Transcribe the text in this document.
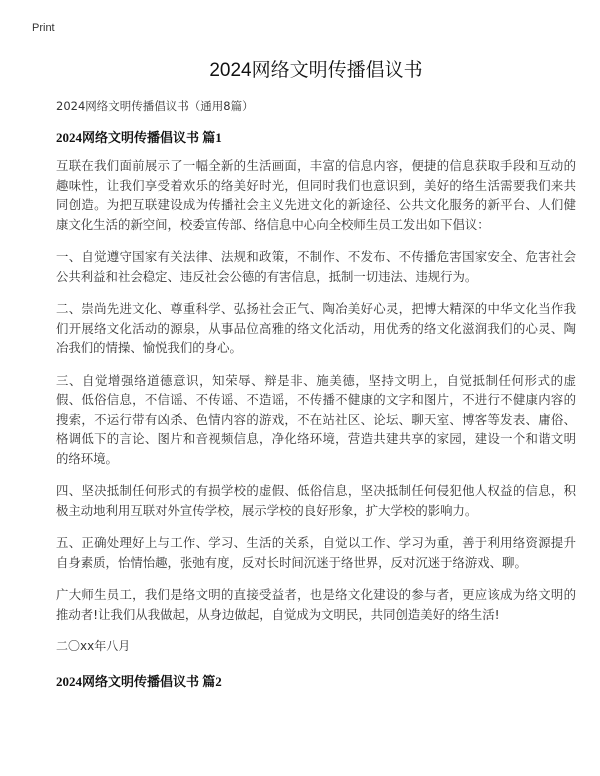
Print
2024网络文明传播倡议书

2024网络文明传播倡议书（通用8篇）

2024网络文明传播倡议书 篇1

互联在我们面前展示了一幅全新的生活画面，丰富的信息内容，便捷的信息获取手段和互动的趣味性，让我们享受着欢乐的络美好时光，但同时我们也意识到，美好的络生活需要我们来共同创造。为把互联建设成为传播社会主义先进文化的新途径、公共文化服务的新平台、人们健康文化生活的新空间，校委宣传部、络信息中心向全校师生员工发出如下倡议：

一、自觉遵守国家有关法律、法规和政策，不制作、不发布、不传播危害国家安全、危害社会公共利益和社会稳定、违反社会公德的有害信息，抵制一切违法、违规行为。

二、崇尚先进文化、尊重科学、弘扬社会正气、陶冶美好心灵，把博大精深的中华文化当作我们开展络文化活动的源泉，从事品位高雅的络文化活动，用优秀的络文化滋润我们的心灵、陶冶我们的情操、愉悦我们的身心。

三、自觉增强络道德意识，知荣辱、辩是非、施美德，坚持文明上，自觉抵制任何形式的虚假、低俗信息，不信谣、不传谣、不造谣，不传播不健康的文字和图片，不进行不健康内容的搜索，不运行带有凶杀、色情内容的游戏，不在站社区、论坛、聊天室、博客等发表、庸俗、格调低下的言论、图片和音视频信息，净化络环境，营造共建共享的家园，建设一个和谐文明的络环境。

四、坚决抵制任何形式的有损学校的虚假、低俗信息，坚决抵制任何侵犯他人权益的信息，积极主动地利用互联对外宣传学校，展示学校的良好形象，扩大学校的影响力。

五、正确处理好上与工作、学习、生活的关系，自觉以工作、学习为重，善于利用络资源提升自身素质，怡情怡趣，张弛有度，反对长时间沉迷于络世界，反对沉迷于络游戏、聊。

广大师生员工，我们是络文明的直接受益者，也是络文化建设的参与者，更应该成为络文明的推动者!让我们从我做起，从身边做起，自觉成为文明民，共同创造美好的络生活!

二〇xx年八月

2024网络文明传播倡议书 篇2
